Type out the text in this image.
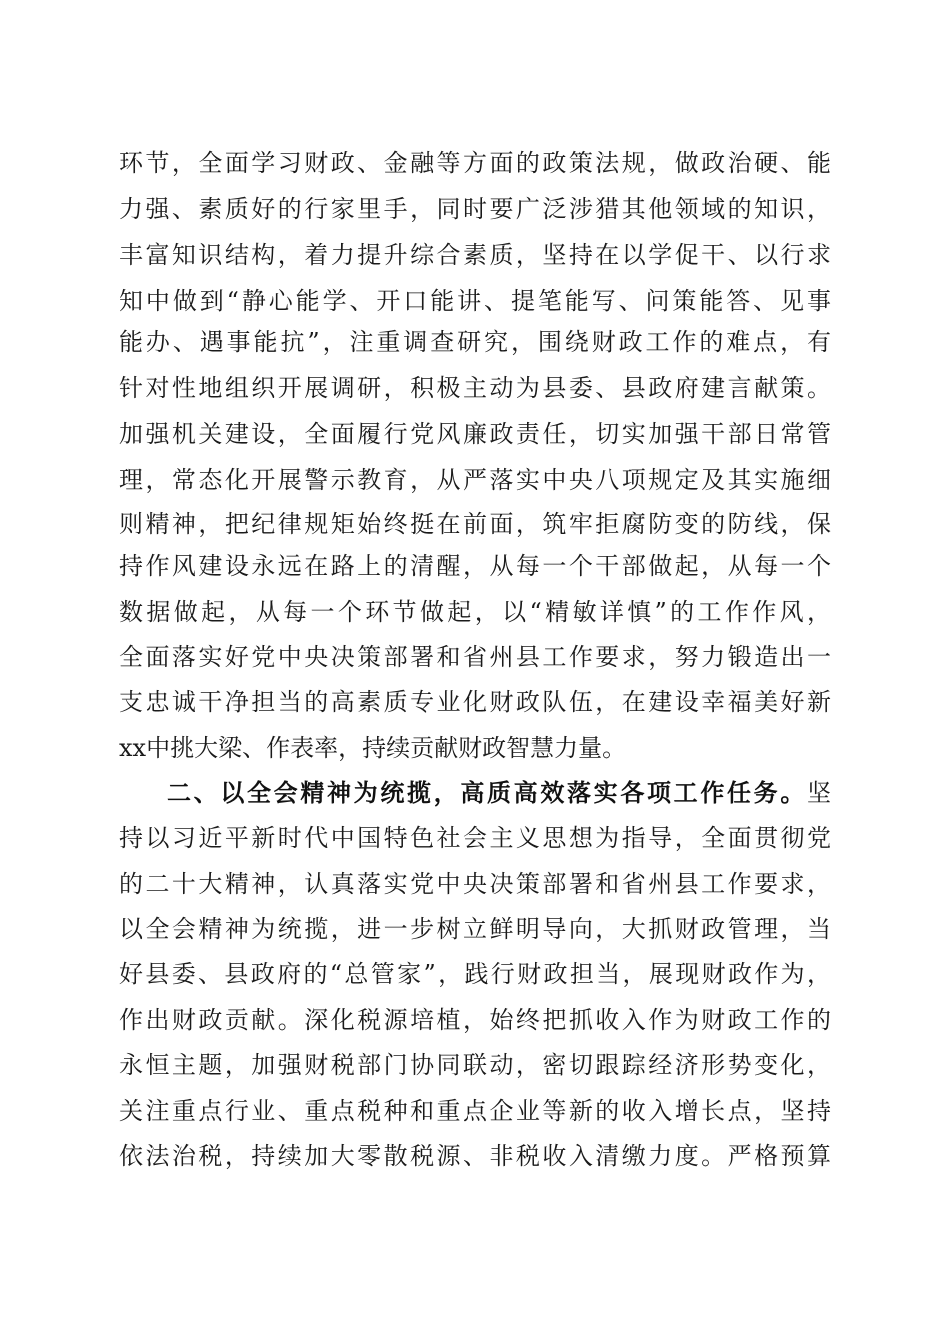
环节，全面学习财政、金融等方面的政策法规，做政治硬、能
力强、素质好的行家里手，同时要广泛涉猎其他领域的知识，
丰富知识结构，着力提升综合素质，坚持在以学促干、以行求
知中做到“静心能学、开口能讲、提笔能写、问策能答、见事
能办、遇事能抗”，注重调查研究，围绕财政工作的难点，有
针对性地组织开展调研，积极主动为县委、县政府建言献策。
加强机关建设，全面履行党风廉政责任，切实加强干部日常管
理，常态化开展警示教育，从严落实中央八项规定及其实施细
则精神，把纪律规矩始终挺在前面，筑牢拒腐防变的防线，保
持作风建设永远在路上的清醒，从每一个干部做起，从每一个
数据做起，从每一个环节做起，以“精敏详慎”的工作作风，
全面落实好党中央决策部署和省州县工作要求，努力锻造出一
支忠诚干净担当的高素质专业化财政队伍，在建设幸福美好新
xx中挑大梁、作表率，持续贡献财政智慧力量。
二、以全会精神为统揽，高质高效落实各项工作任务。坚
持以习近平新时代中国特色社会主义思想为指导，全面贯彻党
的二十大精神，认真落实党中央决策部署和省州县工作要求，
以全会精神为统揽，进一步树立鲜明导向，大抓财政管理，当
好县委、县政府的“总管家”，践行财政担当，展现财政作为，
作出财政贡献。深化税源培植，始终把抓收入作为财政工作的
永恒主题，加强财税部门协同联动，密切跟踪经济形势变化，
关注重点行业、重点税种和重点企业等新的收入增长点，坚持
依法治税，持续加大零散税源、非税收入清缴力度。严格预算
